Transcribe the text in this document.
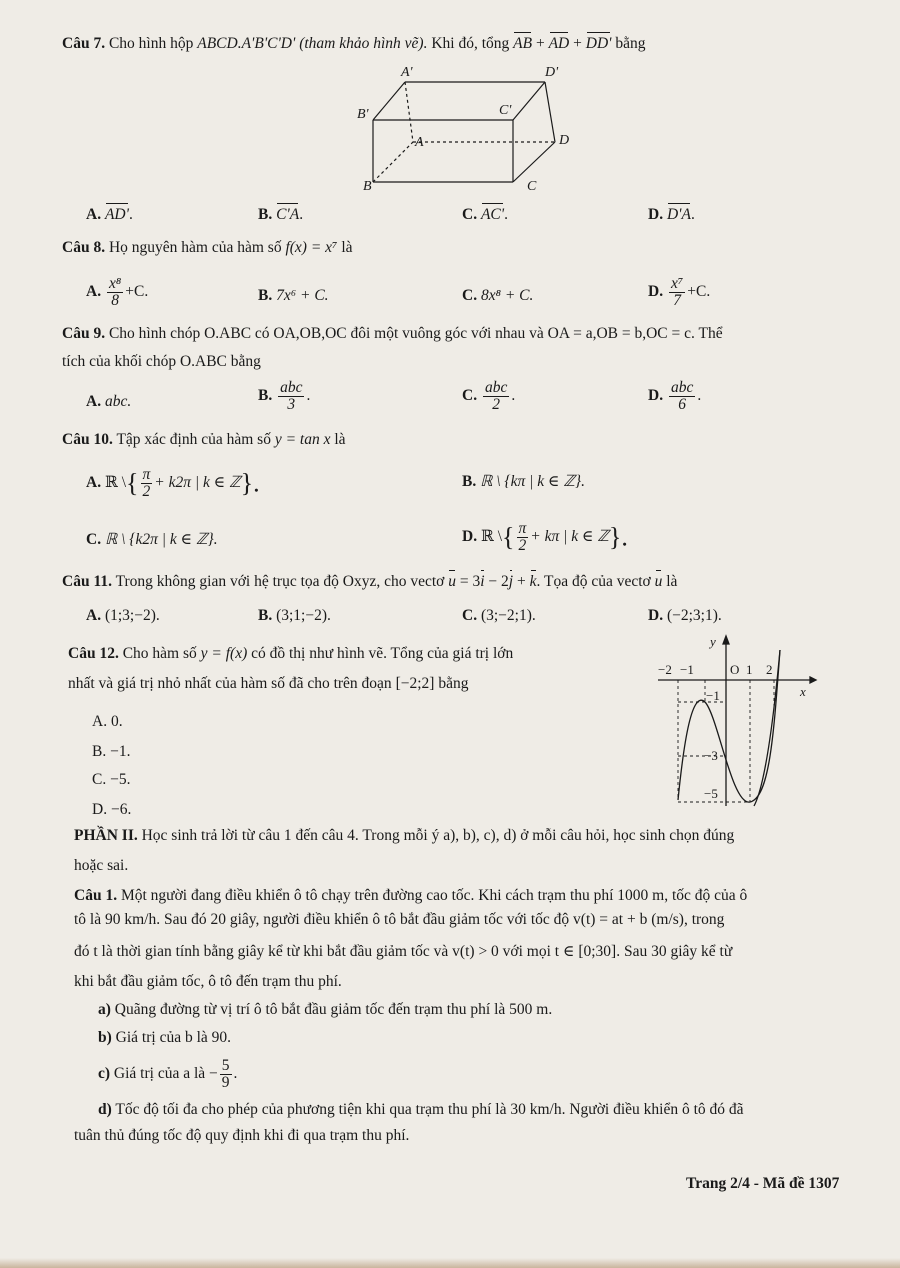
Câu 7. Cho hình hộp ABCD.A'B'C'D' (tham khảo hình vẽ). Khi đó, tổng AB + AD + DD' bằng
A'	D'
B'	C'
A	D
B	C
A. AD'.	B. C'A.	C. AC'.	D. D'A.
Câu 8. Họ nguyên hàm của hàm số f(x) = x⁷ là
A. $\frac{\text{x⁸}}{8} +C$.	B. 7x⁶ + C.	C. 8x⁸ + C.	D. $\frac{\text{x⁷}}{7} +C$.
Câu 9. Cho hình chóp O.ABC có OA,OB,OC đôi một vuông góc với nhau và OA = a,OB = b,OC = c. Thể
tích của khối chóp O.ABC bằng
A. abc.	B. $\frac{\text{abc}}{3}$ .	C. $\frac{\text{abc}}{2}$ .	D. $\frac{\text{abc}}{6}$ .
Câu 10. Tập xác định của hàm số y = tan x là
A. ℝ \{ $\frac{\pi}{2} + k2\pi$ | k ∈ ℤ}.	B. ℝ \ {kπ | k ∈ ℤ}.
C. ℝ \ {k2π | k ∈ ℤ}.	D. ℝ \{ $\frac{\pi}{2} + k\pi$ | k ∈ ℤ}.
Câu 11. Trong không gian với hệ trục tọa độ Oxyz, cho vectơ u = 3i − 2j + k. Tọa độ của vectơ u là
A. (1;3;−2).	B. (3;1;−2).	C. (3;−2;1).	D. (−2;3;1).
Câu 12. Cho hàm số y = f(x) có đồ thị như hình vẽ. Tổng của giá trị lớn
nhất và giá trị nhỏ nhất của hàm số đã cho trên đoạn [−2;2] bằng
A. 0.
B. −1.
C. −5.
D. −6.
y
x
−2 −1	O 1 2
−1
−3
−5
PHẦN II. Học sinh trả lời từ câu 1 đến câu 4. Trong mỗi ý a), b), c), d) ở mỗi câu hỏi, học sinh chọn đúng
hoặc sai.
Câu 1. Một người đang điều khiển ô tô chạy trên đường cao tốc. Khi cách trạm thu phí 1000 m, tốc độ của ô
tô là 90 km/h. Sau đó 20 giây, người điều khiển ô tô bắt đầu giảm tốc với tốc độ v(t) = at + b (m/s), trong
đó t là thời gian tính bằng giây kể từ khi bắt đầu giảm tốc và v(t) > 0 với mọi t ∈ [0;30]. Sau 30 giây kể từ
khi bắt đầu giảm tốc, ô tô đến trạm thu phí.
a) Quãng đường từ vị trí ô tô bắt đầu giảm tốc đến trạm thu phí là 500 m.
b) Giá trị của b là 90.
c) Giá trị của a là − $\frac{5}{9}$ .
d) Tốc độ tối đa cho phép của phương tiện khi qua trạm thu phí là 30 km/h. Người điều khiển ô tô đó đã
tuân thủ đúng tốc độ quy định khi đi qua trạm thu phí.
Trang 2/4 - Mã đề 1307
